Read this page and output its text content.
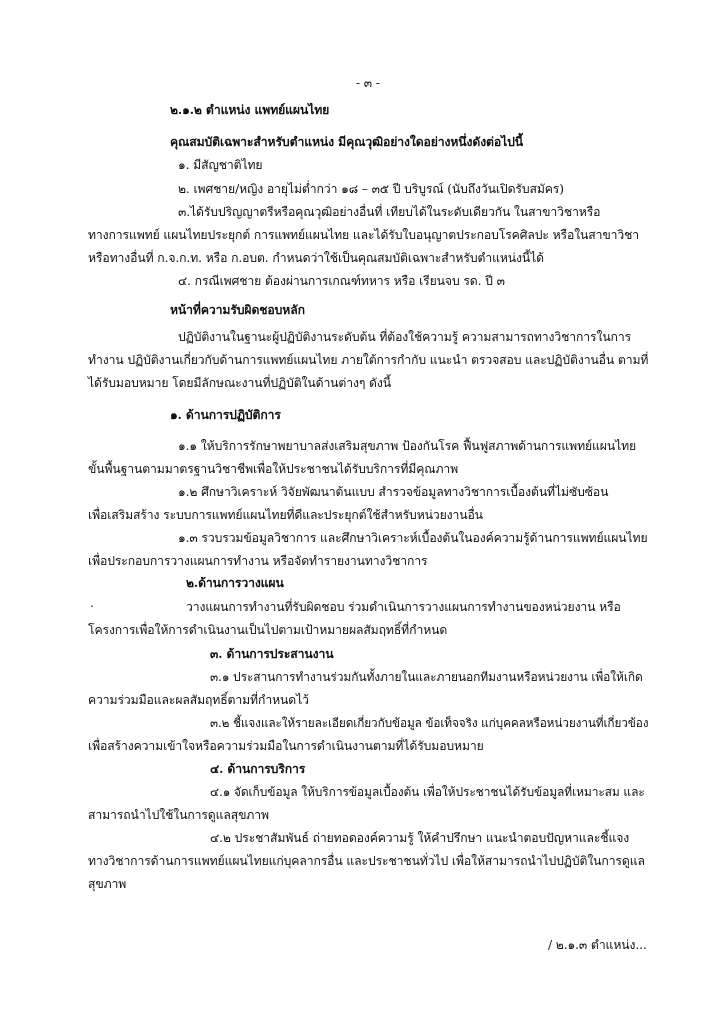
- ๓ -
๒.๑.๒ ตำแหน่ง แพทย์แผนไทย
คุณสมบัติเฉพาะสำหรับตำแหน่ง มีคุณวุฒิอย่างใดอย่างหนึ่งดังต่อไปนี้
๑. มีสัญชาติไทย
๒. เพศชาย/หญิง อายุไม่ต่ำกว่า ๑๘ – ๓๕ ปี บริบูรณ์ (นับถึงวันเปิดรับสมัคร)
๓.ได้รับปริญญาตรีหรือคุณวุฒิอย่างอื่นที่ เทียบได้ในระดับเดียวกัน ในสาขาวิชาหรือ
ทางการแพทย์ แผนไทยประยุกต์ การแพทย์แผนไทย และได้รับใบอนุญาตประกอบโรคศิลปะ หรือในสาขาวิชา
หรือทางอื่นที่ ก.จ.ก.ท. หรือ ก.อบต. กำหนดว่าใช้เป็นคุณสมบัติเฉพาะสำหรับตำแหน่งนี้ได้
๔. กรณีเพศชาย ต้องผ่านการเกณฑ์ทหาร หรือ เรียนจบ รด. ปี ๓
หน้าที่ความรับผิดชอบหลัก
ปฏิบัติงานในฐานะผู้ปฏิบัติงานระดับต้น ที่ต้องใช้ความรู้ ความสามารถทางวิชาการในการ
ทำงาน ปฏิบัติงานเกี่ยวกับด้านการแพทย์แผนไทย ภายใต้การกำกับ แนะนำ ตรวจสอบ และปฏิบัติงานอื่น ตามที่
ได้รับมอบหมาย โดยมีลักษณะงานที่ปฏิบัติในด้านต่างๆ ดังนี้
๑. ด้านการปฏิบัติการ
๑.๑ ให้บริการรักษาพยาบาลส่งเสริมสุขภาพ ป้องกันโรค ฟื้นฟูสภาพด้านการแพทย์แผนไทย
ขั้นพื้นฐานตามมาตรฐานวิชาชีพเพื่อให้ประชาชนได้รับบริการที่มีคุณภาพ
๑.๒ ศึกษาวิเคราะห์ วิจัยพัฒนาต้นแบบ สำรวจข้อมูลทางวิชาการเบื้องต้นที่ไม่ซับซ้อน
เพื่อเสริมสร้าง ระบบการแพทย์แผนไทยที่ดีและประยุกต์ใช้สำหรับหน่วยงานอื่น
๑.๓ รวบรวมข้อมูลวิชาการ และศึกษาวิเคราะห์เบื้องต้นในองค์ความรู้ด้านการแพทย์แผนไทย
เพื่อประกอบการวางแผนการทำงาน หรือจัดทำรายงานทางวิชาการ
๒.ด้านการวางแผน
.	วางแผนการทำงานที่รับผิดชอบ ร่วมดำเนินการวางแผนการทำงานของหน่วยงาน หรือ
โครงการเพื่อให้การดำเนินงานเป็นไปตามเป้าหมายผลสัมฤทธิ์ที่กำหนด
๓. ด้านการประสานงาน
๓.๑ ประสานการทำงานร่วมกันทั้งภายในและภายนอกทีมงานหรือหน่วยงาน เพื่อให้เกิด
ความร่วมมือและผลสัมฤทธิ์ตามที่กำหนดไว้
๓.๒ ชี้แจงและให้รายละเอียดเกี่ยวกับข้อมูล ข้อเท็จจริง แก่บุคคลหรือหน่วยงานที่เกี่ยวข้อง
เพื่อสร้างความเข้าใจหรือความร่วมมือในการดำเนินงานตามที่ได้รับมอบหมาย
๔. ด้านการบริการ
๔.๑ จัดเก็บข้อมูล ให้บริการข้อมูลเบื้องต้น เพื่อให้ประชาชนได้รับข้อมูลที่เหมาะสม และ
สามารถนำไปใช้ในการดูแลสุขภาพ
๔.๒ ประชาสัมพันธ์ ถ่ายทอดองค์ความรู้ ให้คำปรึกษา แนะนำตอบปัญหาและชี้แจง
ทางวิชาการด้านการแพทย์แผนไทยแก่บุคลากรอื่น และประชาชนทั่วไป เพื่อให้สามารถนำไปปฏิบัติในการดูแล
สุขภาพ
/ ๒.๑.๓ ตำแหน่ง...
